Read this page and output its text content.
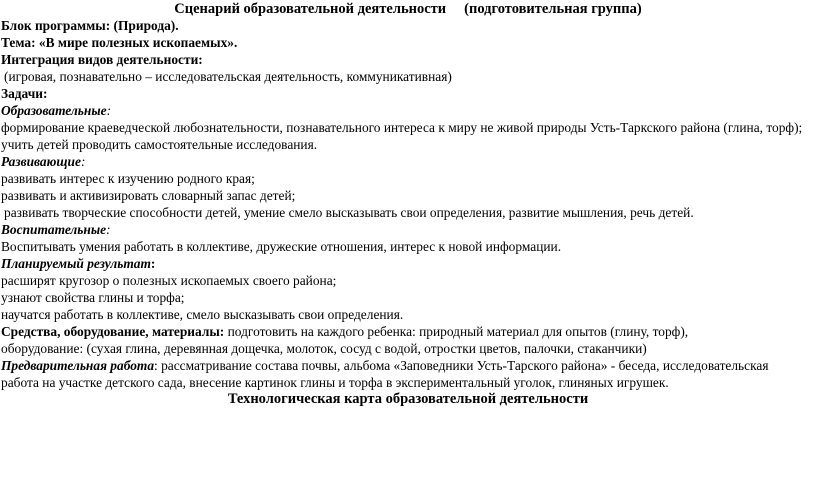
Сценарий образовательной деятельности (подготовительная группа)
Блок программы: (Природа).
Тема: «В мире полезных ископаемых».
Интеграция видов деятельности:
(игровая, познавательно – исследовательская деятельность, коммуникативная)
Задачи:
Образовательные:
формирование краеведческой любознательности, познавательного интереса к миру не живой природы Усть-Таркского района (глина, торф);
учить детей проводить самостоятельные исследования.
Развивающие:
развивать интерес к изучению родного края;
развивать и активизировать словарный запас детей;
развивать творческие способности детей, умение смело высказывать свои определения, развитие мышления, речь детей.
Воспитательные:
Воспитывать умения работать в коллективе, дружеские отношения, интерес к новой информации.
Планируемый результат:
расширят кругозор о полезных ископаемых своего района;
узнают свойства глины и торфа;
научатся работать в коллективе, смело высказывать свои определения.
Средства, оборудование, материалы: подготовить на каждого ребенка: природный материал для опытов (глину, торф),
оборудование: (сухая глина, деревянная дощечка, молоток, сосуд с водой, отростки цветов, палочки, стаканчики)
Предварительная работа: рассматривание состава почвы, альбома «Заповедники Усть-Тарского района» - беседа, исследовательская
работа на участке детского сада, внесение картинок глины и торфа в экспериментальный уголок, глиняных игрушек.
Технологическая карта образовательной деятельности
